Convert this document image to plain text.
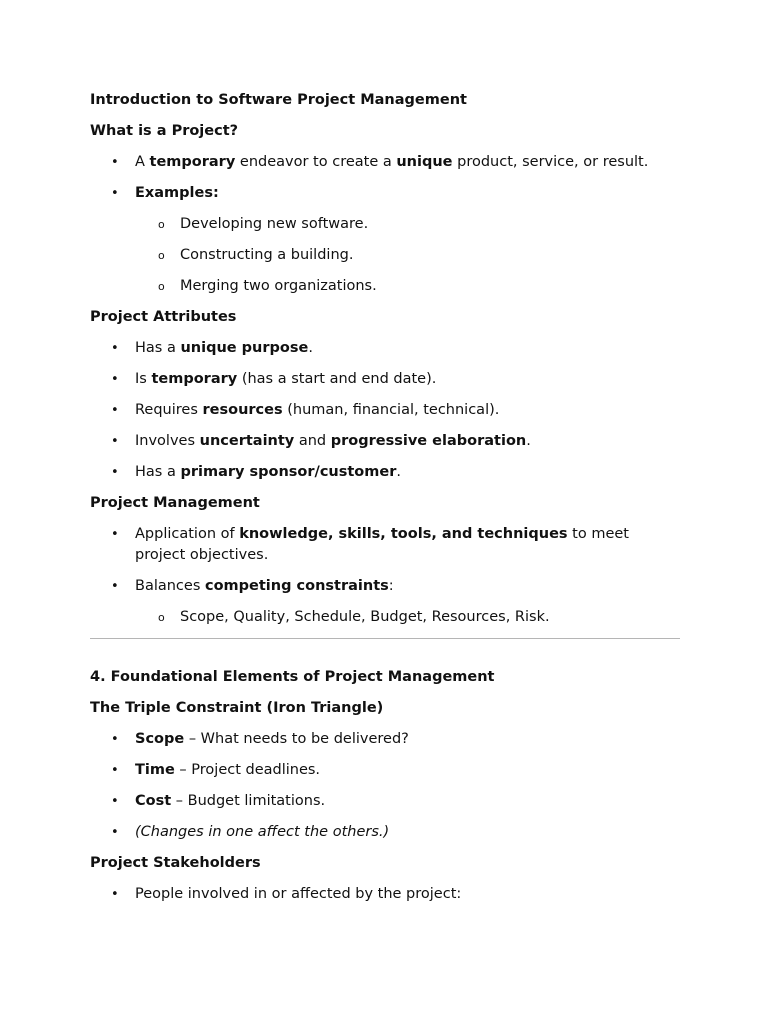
Introduction to Software Project Management
What is a Project?
• A temporary endeavor to create a unique product, service, or result.
• Examples:
o Developing new software.
o Constructing a building.
o Merging two organizations.
Project Attributes
• Has a unique purpose.
• Is temporary (has a start and end date).
• Requires resources (human, financial, technical).
• Involves uncertainty and progressive elaboration.
• Has a primary sponsor/customer.
Project Management
• Application of knowledge, skills, tools, and techniques to meet project objectives.
• Balances competing constraints:
o Scope, Quality, Schedule, Budget, Resources, Risk.
4. Foundational Elements of Project Management
The Triple Constraint (Iron Triangle)
• Scope – What needs to be delivered?
• Time – Project deadlines.
• Cost – Budget limitations.
• (Changes in one affect the others.)
Project Stakeholders
• People involved in or affected by the project:
